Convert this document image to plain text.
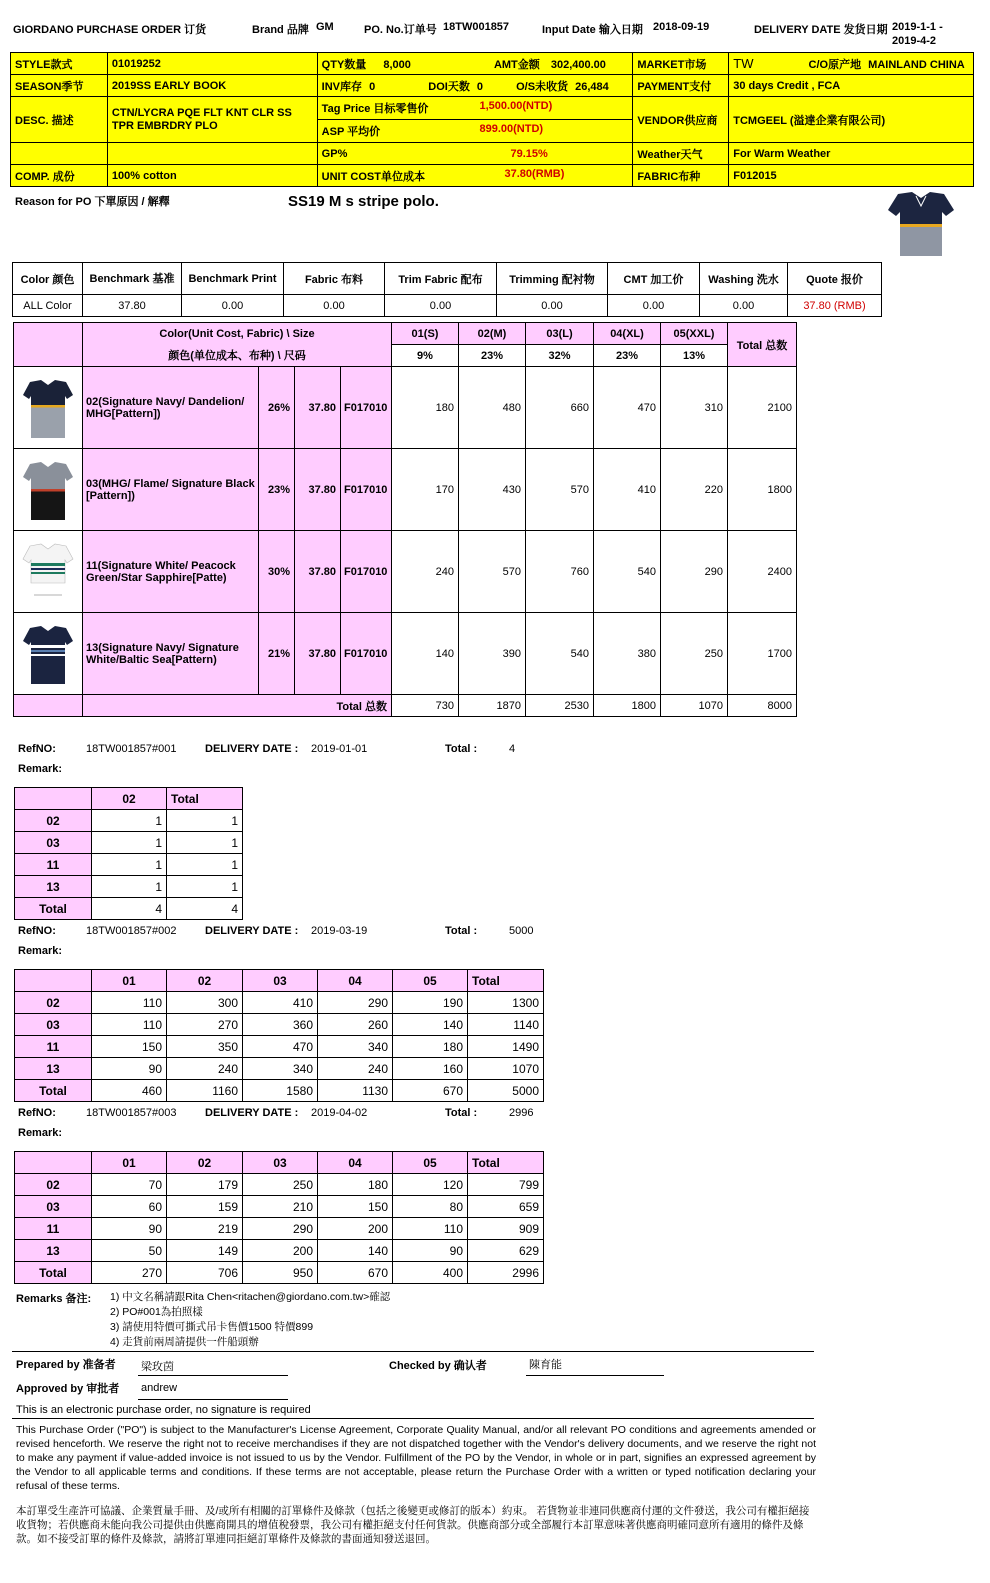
GIORDANO PURCHASE ORDER 订货	Brand 品牌 GM	PO. No.订单号 18TW001857	Input Date 输入日期 2018-09-19	DELIVERY DATE 发货日期 2019-1-1 -
2019-4-2
STYLE款式	01019252	QTY数量 8,000 AMT金额 302,400.00	MARKET市场	TW C/O原产地 MAINLAND CHINA
SEASON季节	2019SS EARLY BOOK	INV库存 0 DOI天数 0 O/S未收货 26,484	PAYMENT支付	30 days Credit , FCA
DESC. 描述	CTN/LYCRA PQE FLT KNT CLR SS TPR EMBRDRY PLO	Tag Price 目标零售价 1,500.00(NTD)
ASP 平均价 899.00(NTD)	VENDOR供应商	TCMGEEL (溢達企業有限公司)
		GP% 79.15%	Weather天气	For Warm Weather
COMP. 成份	100% cotton	UNIT COST单位成本 37.80(RMB)	FABRIC布种	F012015
Reason for PO 下單原因 / 解釋	SS19 M s stripe polo.
Color 颜色	Benchmark 基准	Benchmark Print	Fabric 布料	Trim Fabric 配布	Trimming 配衬物	CMT 加工价	Washing 洗水	Quote 报价
ALL Color	37.80	0.00	0.00	0.00	0.00	0.00	0.00	37.80 (RMB)
	Color(Unit Cost, Fabric) \ Size				01(S)	02(M)	03(L)	04(XL)	05(XXL)	Total 总数
	颜色(单位成本、布种) \ 尺码				9%	23%	32%	23%	13%	

	02(Signature Navy/ Dandelion/ MHG[Pattern])	26%	37.80	F017010	180	480	660	470	310	2100

	03(MHG/ Flame/ Signature Black [Pattern])	23%	37.80	F017010	170	430	570	410	220	1800

	11(Signature White/ Peacock Green/Star Sapphire[Patte)	30%	37.80	F017010	240	570	760	540	290	2400

	13(Signature Navy/ Signature White/Baltic Sea[Pattern)	21%	37.80	F017010	140	390	540	380	250	1700
	Total 总数				730	1870	2530	1800	1070	8000
RefNO:	18TW001857#001	DELIVERY DATE : 2019-01-01	Total :	4
Remark:
	02	Total
02	1	1
03	1	1
11	1	1
13	1	1
Total	4	4
RefNO:	18TW001857#002	DELIVERY DATE : 2019-03-19	Total :	5000
Remark:
	01	02	03	04	05	Total
02	110	300	410	290	190	1300
03	110	270	360	260	140	1140
11	150	350	470	340	180	1490
13	90	240	340	240	160	1070
Total	460	1160	1580	1130	670	5000
RefNO:	18TW001857#003	DELIVERY DATE : 2019-04-02	Total :	2996
Remark:
	01	02	03	04	05	Total
02	70	179	250	180	120	799
03	60	159	210	150	80	659
11	90	219	290	200	110	909
13	50	149	200	140	90	629
Total	270	706	950	670	400	2996
Remarks 备注: 1) 中文名稱請跟Rita Chen<ritachen@giordano.com.tw>確認
2) PO#001為拍照樣
3) 請使用特價可撕式吊卡售價1500 特價899
4) 走貨前兩周請提供一件船頭辦
Prepared by 准备者 梁玫茵	Checked by 确认者	陳育能
Approved by 审批者 andrew
This is an electronic purchase order, no signature is required
This Purchase Order ("PO") is subject to the Manufacturer's License Agreement, Corporate Quality Manual, and/or all relevant PO conditions and agreements amended or revised henceforth. We reserve the right not to receive merchandises if they are not dispatched together with the Vendor's delivery documents, and we reserve the right not to make any payment if value-added invoice is not issued to us by the Vendor. Fulfillment of the PO by the Vendor, in whole or in part, signifies an expressed agreement by the Vendor to all applicable terms and conditions. If these terms are not acceptable, please return the Purchase Order with a written or typed notification declaring your refusal of these terms.
本訂單受生產許可協議、企業質量手冊、及/或所有相關的訂單條件及條款（包括之後變更或修訂的版本）約束。 若貨物並非連同供應商付運的文件發送，我公司有權拒絕接收貨物；若供應商未能向我公司提供由供應商開具的增值稅發票，我公司有權拒絕支付任何貨款。供應商部分或全部履行本訂單意味著供應商明確同意所有適用的條件及條款。如不接受訂單的條件及條款，請將訂單連同拒絕訂單條件及條款的書面通知發送退回。
